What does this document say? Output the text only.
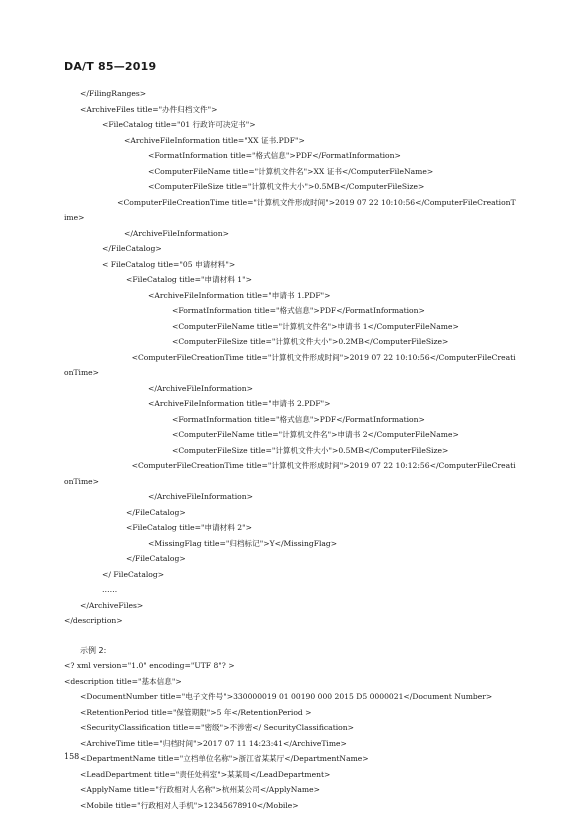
DA/T 85—2019
</FilingRanges>
<ArchiveFiles title="办件归档文件">
<FileCatalog title="01 行政许可决定书">
<ArchiveFileInformation title="XX 证书.PDF">
<FormatInformation title="格式信息">PDF</FormatInformation>
<ComputerFileName title="计算机文件名">XX 证书</ComputerFileName>
<ComputerFileSize title="计算机文件大小">0.5MB</ComputerFileSize>
<ComputerFileCreationTime title="计算机文件形成时间">2019 07 22 10:10:56</ComputerFileCreationTime>
</ArchiveFileInformation>
</FileCatalog>
< FileCatalog title="05 申请材料">
<FileCatalog title="申请材料 1">
<ArchiveFileInformation title="申请书 1.PDF">
<FormatInformation title="格式信息">PDF</FormatInformation>
<ComputerFileName title="计算机文件名">申请书 1</ComputerFileName>
<ComputerFileSize title="计算机文件大小">0.2MB</ComputerFileSize>
<ComputerFileCreationTime title="计算机文件形成时间">2019 07 22 10:10:56</ComputerFileCreationTime>
</ArchiveFileInformation>
<ArchiveFileInformation title="申请书 2.PDF">
<FormatInformation title="格式信息">PDF</FormatInformation>
<ComputerFileName title="计算机文件名">申请书 2</ComputerFileName>
<ComputerFileSize title="计算机文件大小">0.5MB</ComputerFileSize>
<ComputerFileCreationTime title="计算机文件形成时间">2019 07 22 10:12:56</ComputerFileCreationTime>
</ArchiveFileInformation>
</FileCatalog>
<FileCatalog title="申请材料 2">
<MissingFlag title="归档标记">Y</MissingFlag>
</FileCatalog>
</ FileCatalog>
……
</ArchiveFiles>
</description>
示例 2:
<? xml version="1.0" encoding="UTF 8"? >
<description title="基本信息">
<DocumentNumber title="电子文件号">330000019 01 00190 000 2015 D5 0000021</Document Number>
<RetentionPeriod title="保管期限">5 年</RetentionPeriod >
<SecurityClassification title=="密级">不涉密</ SecurityClassification>
<ArchiveTime title="归档时间">2017 07 11 14:23:41</ArchiveTime>
<DepartmentName title="立档单位名称">浙江省某某厅</DepartmentName>
<LeadDepartment title="责任处科室">某某局</LeadDepartment>
<ApplyName title="行政相对人名称">杭州某公司</ApplyName>
<Mobile title="行政相对人手机">12345678910</Mobile>
158
